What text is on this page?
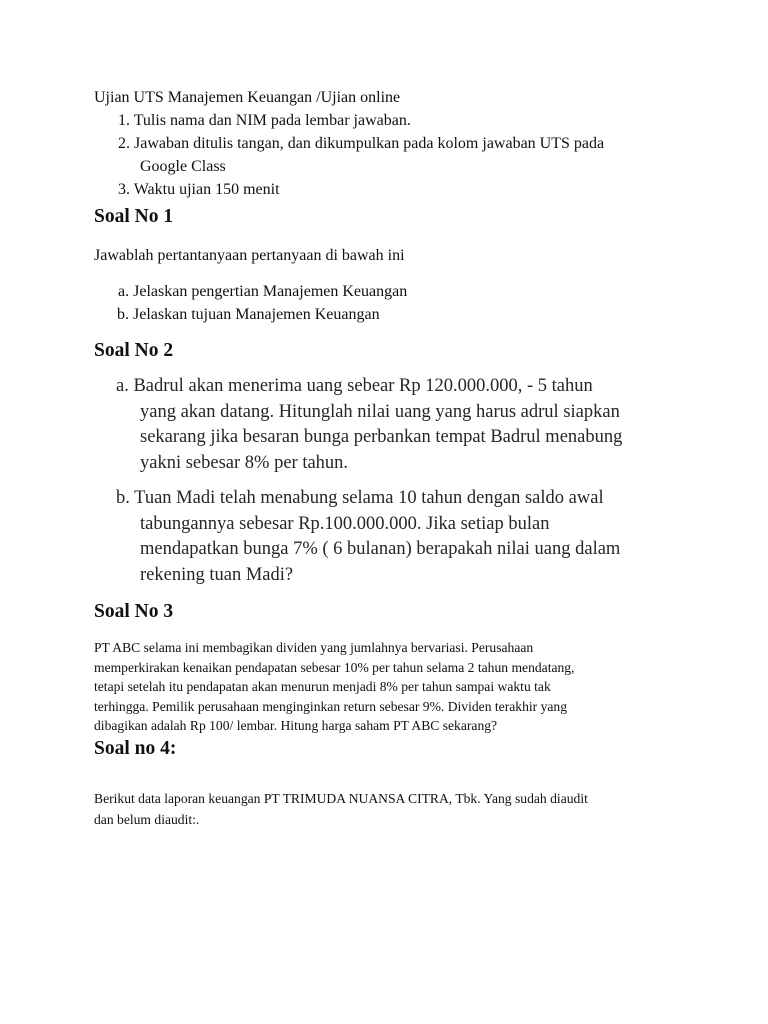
Ujian UTS Manajemen Keuangan /Ujian online
1. Tulis nama dan NIM pada lembar jawaban.
2. Jawaban ditulis tangan, dan dikumpulkan pada kolom jawaban UTS pada
Google Class
3. Waktu ujian 150 menit
Soal No 1
Jawablah pertantanyaan pertanyaan di bawah ini
a. Jelaskan pengertian Manajemen Keuangan
b. Jelaskan tujuan Manajemen Keuangan
Soal No 2
a. Badrul akan menerima uang sebear Rp 120.000.000, - 5 tahun
yang akan datang. Hitunglah nilai uang yang harus adrul siapkan
sekarang jika besaran bunga perbankan tempat Badrul menabung
yakni sebesar 8% per tahun.
b. Tuan Madi telah menabung selama 10 tahun dengan saldo awal
tabungannya sebesar Rp.100.000.000. Jika setiap bulan
mendapatkan bunga 7% ( 6 bulanan) berapakah nilai uang dalam
rekening tuan Madi?
Soal No 3
PT ABC selama ini membagikan dividen yang jumlahnya bervariasi. Perusahaan
memperkirakan kenaikan pendapatan sebesar 10% per tahun selama 2 tahun mendatang,
tetapi setelah itu pendapatan akan menurun menjadi 8% per tahun sampai waktu tak
terhingga. Pemilik perusahaan menginginkan return sebesar 9%. Dividen terakhir yang
dibagikan adalah Rp 100/ lembar. Hitung harga saham PT ABC sekarang?
Soal no 4:
Berikut data laporan keuangan PT TRIMUDA NUANSA CITRA, Tbk. Yang sudah diaudit
dan belum diaudit:.
